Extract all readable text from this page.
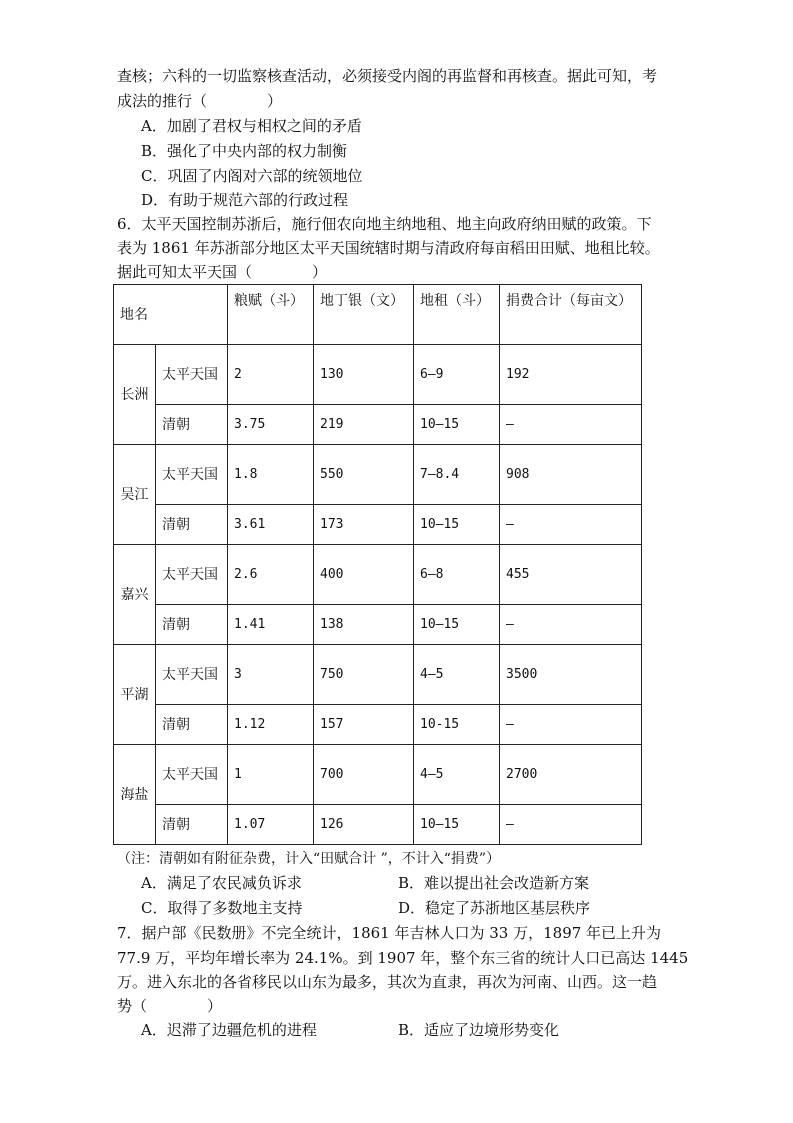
查核；六科的一切监察核查活动，必须接受内阁的再监督和再核查。据此可知，考
成法的推行（　　　　）
A．加剧了君权与相权之间的矛盾
B．强化了中央内部的权力制衡
C．巩固了内阁对六部的统领地位
D．有助于规范六部的行政过程
6．太平天国控制苏浙后，施行佃农向地主纳地租、地主向政府纳田赋的政策。下
表为 1861 年苏浙部分地区太平天国统辖时期与清政府每亩稻田田赋、地租比较。
据此可知太平天国（　　　　）
地名		粮赋（斗）	地丁银（文）	地租（斗）	捐费合计（每亩文）
长洲	太平天国	2	130	6—9	192
	清朝	3.75	219	10—15	—
吴江	太平天国	1.8	550	7—8.4	908
	清朝	3.61	173	10—15	—
嘉兴	太平天国	2.6	400	6—8	455
	清朝	1.41	138	10—15	—
平湖	太平天国	3	750	4—5	3500
	清朝	1.12	157	10-15	—
海盐	太平天国	1	700	4—5	2700
	清朝	1.07	126	10—15	—
（注：清朝如有附征杂费，计入“田赋合计 ”，不计入“捐费”）
A．满足了农民减负诉求	B．难以提出社会改造新方案
C．取得了多数地主支持	D．稳定了苏浙地区基层秩序
7．据户部《民数册》不完全统计，1861 年吉林人口为 33 万，1897 年已上升为
77.9 万，平均年增长率为 24.1%。到 1907 年，整个东三省的统计人口已高达 1445
万。进入东北的各省移民以山东为最多，其次为直隶，再次为河南、山西。这一趋
势（　　　　）
A．迟滞了边疆危机的进程	B．适应了边境形势变化
